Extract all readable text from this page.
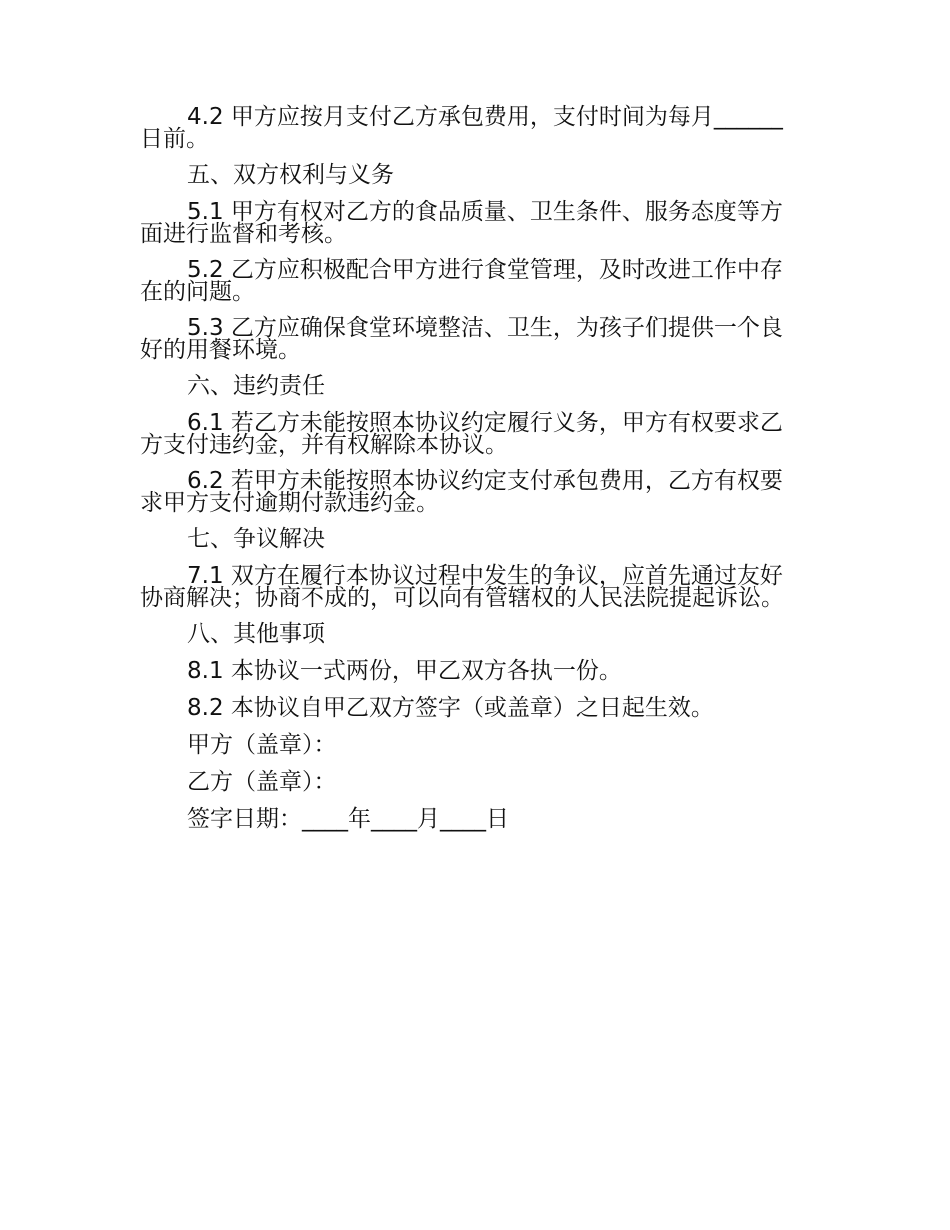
4.2 甲方应按月支付乙方承包费用，支付时间为每月______日前。

五、双方权利与义务

5.1 甲方有权对乙方的食品质量、卫生条件、服务态度等方面进行监督和考核。

5.2 乙方应积极配合甲方进行食堂管理，及时改进工作中存在的问题。

5.3 乙方应确保食堂环境整洁、卫生，为孩子们提供一个良好的用餐环境。

六、违约责任

6.1 若乙方未能按照本协议约定履行义务，甲方有权要求乙方支付违约金，并有权解除本协议。

6.2 若甲方未能按照本协议约定支付承包费用，乙方有权要求甲方支付逾期付款违约金。

七、争议解决

7.1 双方在履行本协议过程中发生的争议，应首先通过友好协商解决；协商不成的，可以向有管辖权的人民法院提起诉讼。

八、其他事项

8.1 本协议一式两份，甲乙双方各执一份。

8.2 本协议自甲乙双方签字（或盖章）之日起生效。

甲方（盖章）：

乙方（盖章）：

签字日期：____年____月____日
